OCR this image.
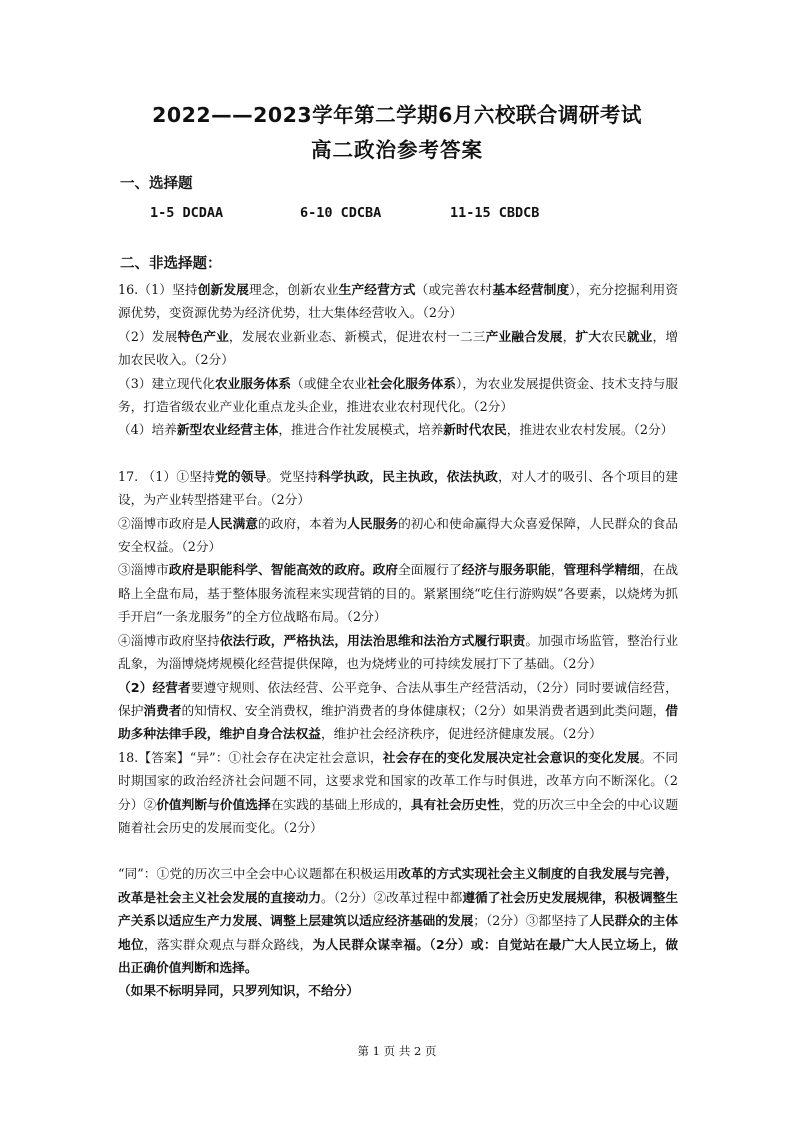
2022——2023学年第二学期6月六校联合调研考试
高二政治参考答案
一、选择题
1-5 DCDAA	6-10 CDCBA	11-15 CBDCB
二、非选择题：

16.（1）坚持创新发展理念，创新农业生产经营方式（或完善农村基本经营制度），充分挖掘利用资源优势，变资源优势为经济优势，壮大集体经营收入。（2分）

（2）发展特色产业，发展农业新业态、新模式，促进农村一二三产业融合发展，扩大农民就业，增加农民收入。（2分）

（3）建立现代化农业服务体系（或健全农业社会化服务体系），为农业发展提供资金、技术支持与服务，打造省级农业产业化重点龙头企业，推进农业农村现代化。（2分）

（4）培养新型农业经营主体，推进合作社发展模式，培养新时代农民，推进农业农村发展。（2分）

17. （1）①坚持党的领导。党坚持科学执政，民主执政，依法执政，对人才的吸引、各个项目的建设，为产业转型搭建平台。（2分）

②淄博市政府是人民满意的政府，本着为人民服务的初心和使命赢得大众喜爱保障，人民群众的食品安全权益。（2分）

③淄博市政府是职能科学、智能高效的政府。政府全面履行了经济与服务职能，管理科学精细，在战略上全盘布局，基于整体服务流程来实现营销的目的。紧紧围绕“吃住行游购娱”各要素，以烧烤为抓手开启“一条龙服务”的全方位战略布局。（2分）

④淄博市政府坚持依法行政，严格执法，用法治思维和法治方式履行职责。加强市场监管，整治行业乱象，为淄博烧烤规模化经营提供保障，也为烧烤业的可持续发展打下了基础。（2分）

（2）经营者要遵守规则、依法经营、公平竞争、合法从事生产经营活动，（2分）同时要诚信经营，保护消费者的知情权、安全消费权，维护消费者的身体健康权；（2分）如果消费者遇到此类问题，借助多种法律手段，维护自身合法权益，维护社会经济秩序，促进经济健康发展。（2分）

18.【答案】“异”：①社会存在决定社会意识，社会存在的变化发展决定社会意识的变化发展。不同时期国家的政治经济社会问题不同，这要求党和国家的改革工作与时俱进，改革方向不断深化。（2分）②价值判断与价值选择在实践的基础上形成的，具有社会历史性，党的历次三中全会的中心议题随着社会历史的发展而变化。（2分）

“同”：①党的历次三中全会中心议题都在积极运用改革的方式实现社会主义制度的自我发展与完善，改革是社会主义社会发展的直接动力。（2分）②改革过程中都遵循了社会历史发展规律，积极调整生产关系以适应生产力发展、调整上层建筑以适应经济基础的发展；（2分）③都坚持了人民群众的主体地位，落实群众观点与群众路线，为人民群众谋幸福。（2分）或：自觉站在最广大人民立场上，做出正确价值判断和选择。

（如果不标明异同，只罗列知识，不给分）

第 1 页 共 2 页
